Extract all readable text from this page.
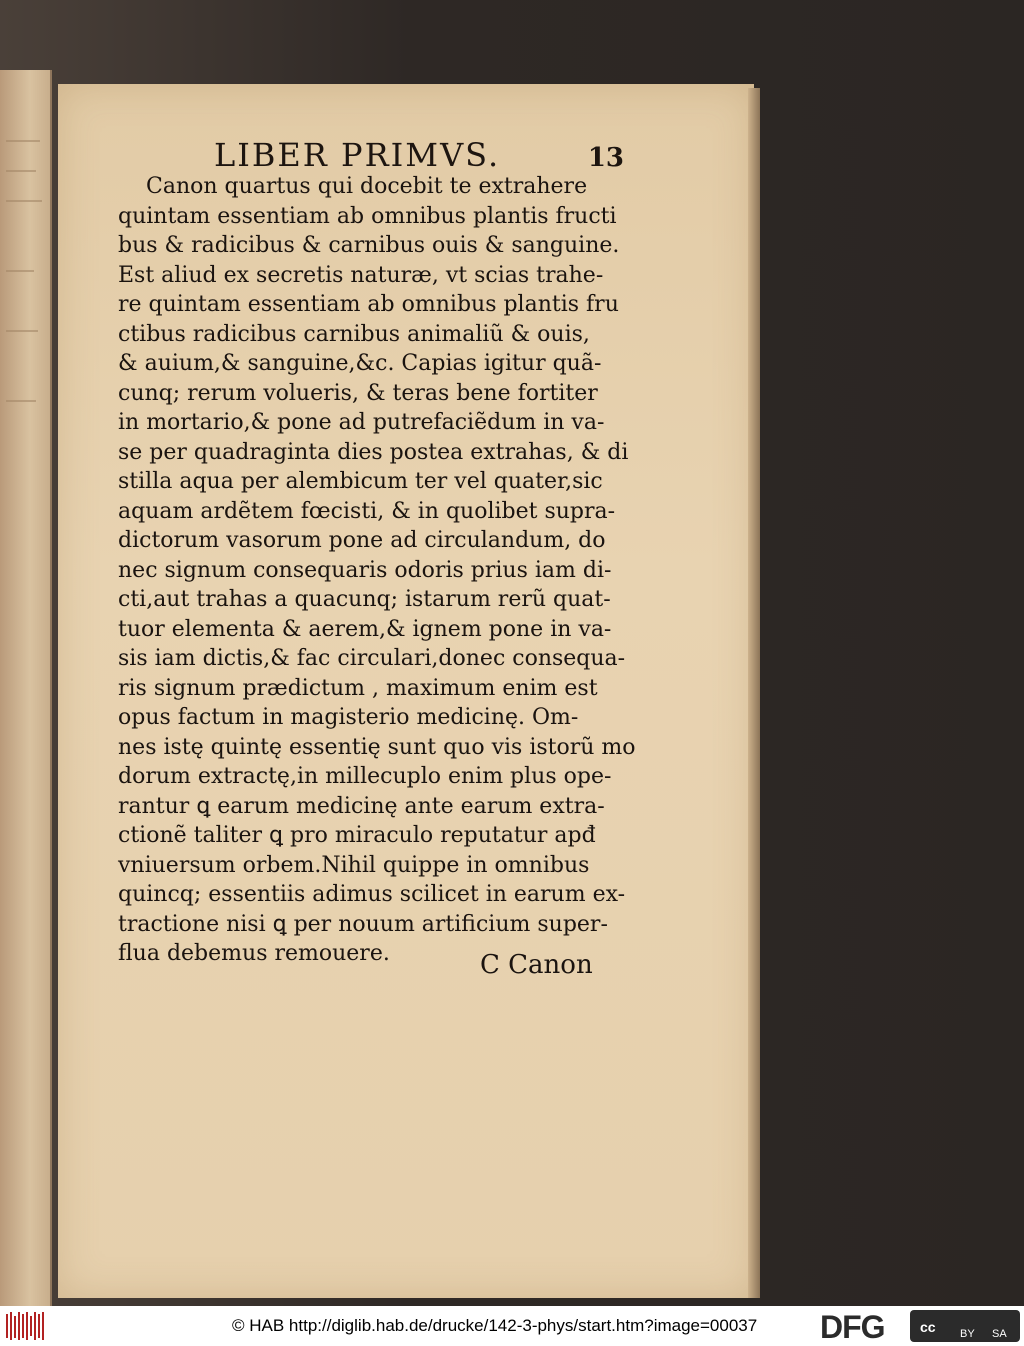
LIBER PRIMVS.	13
Canon quartus qui docebit te extrahere
quintam essentiam ab omnibus plantis fructi
bus & radicibus & carnibus ouis & sanguine.
Est aliud ex secretis naturæ, vt scias trahe-
re quintam essentiam ab omnibus plantis fru
ctibus radicibus carnibus animaliũ & ouis,
& auium,& sanguine,&c. Capias igitur quã-
cunq; rerum volueris, & teras bene fortiter
in mortario,& pone ad putrefaciẽdum in va-
se per quadraginta dies postea extrahas, & di
stilla aqua per alembicum ter vel quater,sic
aquam ardẽtem fœcisti, & in quolibet supra-
dictorum vasorum pone ad circulandum, do
nec signum consequaris odoris prius iam di-
cti,aut trahas a quacunq; istarum rerũ quat-
tuor elementa & aerem,& ignem pone in va-
sis iam dictis,& fac circulari,donec consequa-
ris signum prædictum , maximum enim est
opus factum in magisterio medicinę. Om-
nes istę quintę essentię sunt quo vis istorũ mo
dorum extractę,in millecuplo enim plus ope-
rantur ꝗ earum medicinę ante earum extra-
ctionẽ taliter ꝗ pro miraculo reputatur apđ
vniuersum orbem.Nihil quippe in omnibus
quincq; essentiis adimus scilicet in earum ex-
tractione nisi ꝗ per nouum artificium super-
flua debemus remouere.	C Canon
© HAB http://diglib.hab.de/drucke/142-3-phys/start.htm?image=00037 DFG	cc BY SA
